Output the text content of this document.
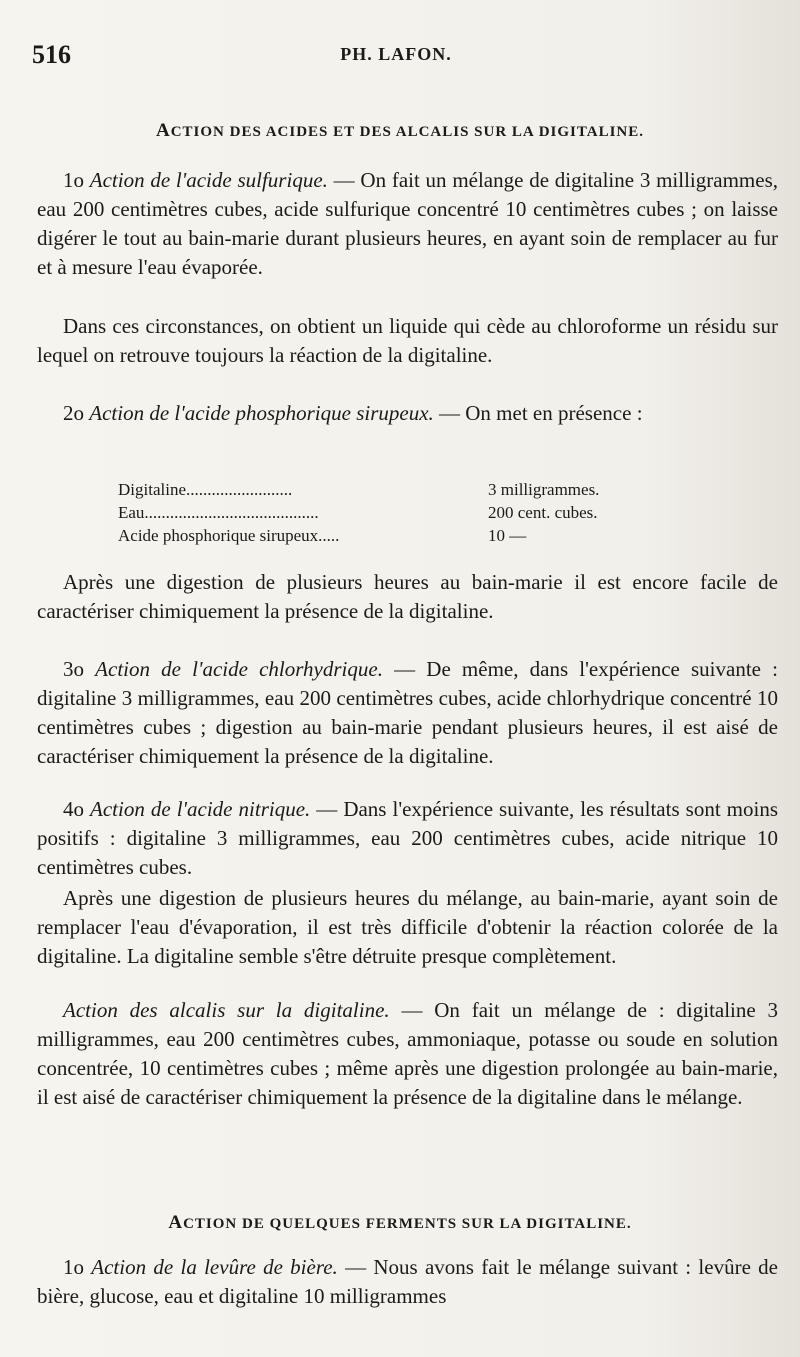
516	PH. LAFON.
ACTION DES ACIDES ET DES ALCALIS SUR LA DIGITALINE.

1o Action de l'acide sulfurique. — On fait un mélange de digitaline 3 milligrammes, eau 200 centimètres cubes, acide sulfurique concentré 10 centimètres cubes ; on laisse digérer le tout au bain-marie durant plusieurs heures, en ayant soin de remplacer au fur et à mesure l'eau évaporée.

Dans ces circonstances, on obtient un liquide qui cède au chloroforme un résidu sur lequel on retrouve toujours la réaction de la digitaline.

2o Action de l'acide phosphorique sirupeux. — On met en présence :

Digitaline.........................	3 milligrammes.
Eau.........................................	200 cent. cubes.
Acide phosphorique sirupeux.....	10 —

Après une digestion de plusieurs heures au bain-marie il est encore facile de caractériser chimiquement la présence de la digitaline.

3o Action de l'acide chlorhydrique. — De même, dans l'expérience suivante : digitaline 3 milligrammes, eau 200 centimètres cubes, acide chlorhydrique concentré 10 centimètres cubes ; digestion au bain-marie pendant plusieurs heures, il est aisé de caractériser chimiquement la présence de la digitaline.

4o Action de l'acide nitrique. — Dans l'expérience suivante, les résultats sont moins positifs : digitaline 3 milligrammes, eau 200 centimètres cubes, acide nitrique 10 centimètres cubes.

Après une digestion de plusieurs heures du mélange, au bain-marie, ayant soin de remplacer l'eau d'évaporation, il est très difficile d'obtenir la réaction colorée de la digitaline. La digitaline semble s'être détruite presque complètement.

Action des alcalis sur la digitaline. — On fait un mélange de : digitaline 3 milligrammes, eau 200 centimètres cubes, ammoniaque, potasse ou soude en solution concentrée, 10 centimètres cubes ; même après une digestion prolongée au bain-marie, il est aisé de caractériser chimiquement la présence de la digitaline dans le mélange.

ACTION DE QUELQUES FERMENTS SUR LA DIGITALINE.

1o Action de la levûre de bière. — Nous avons fait le mélange suivant : levûre de bière, glucose, eau et digitaline 10 milligrammes
